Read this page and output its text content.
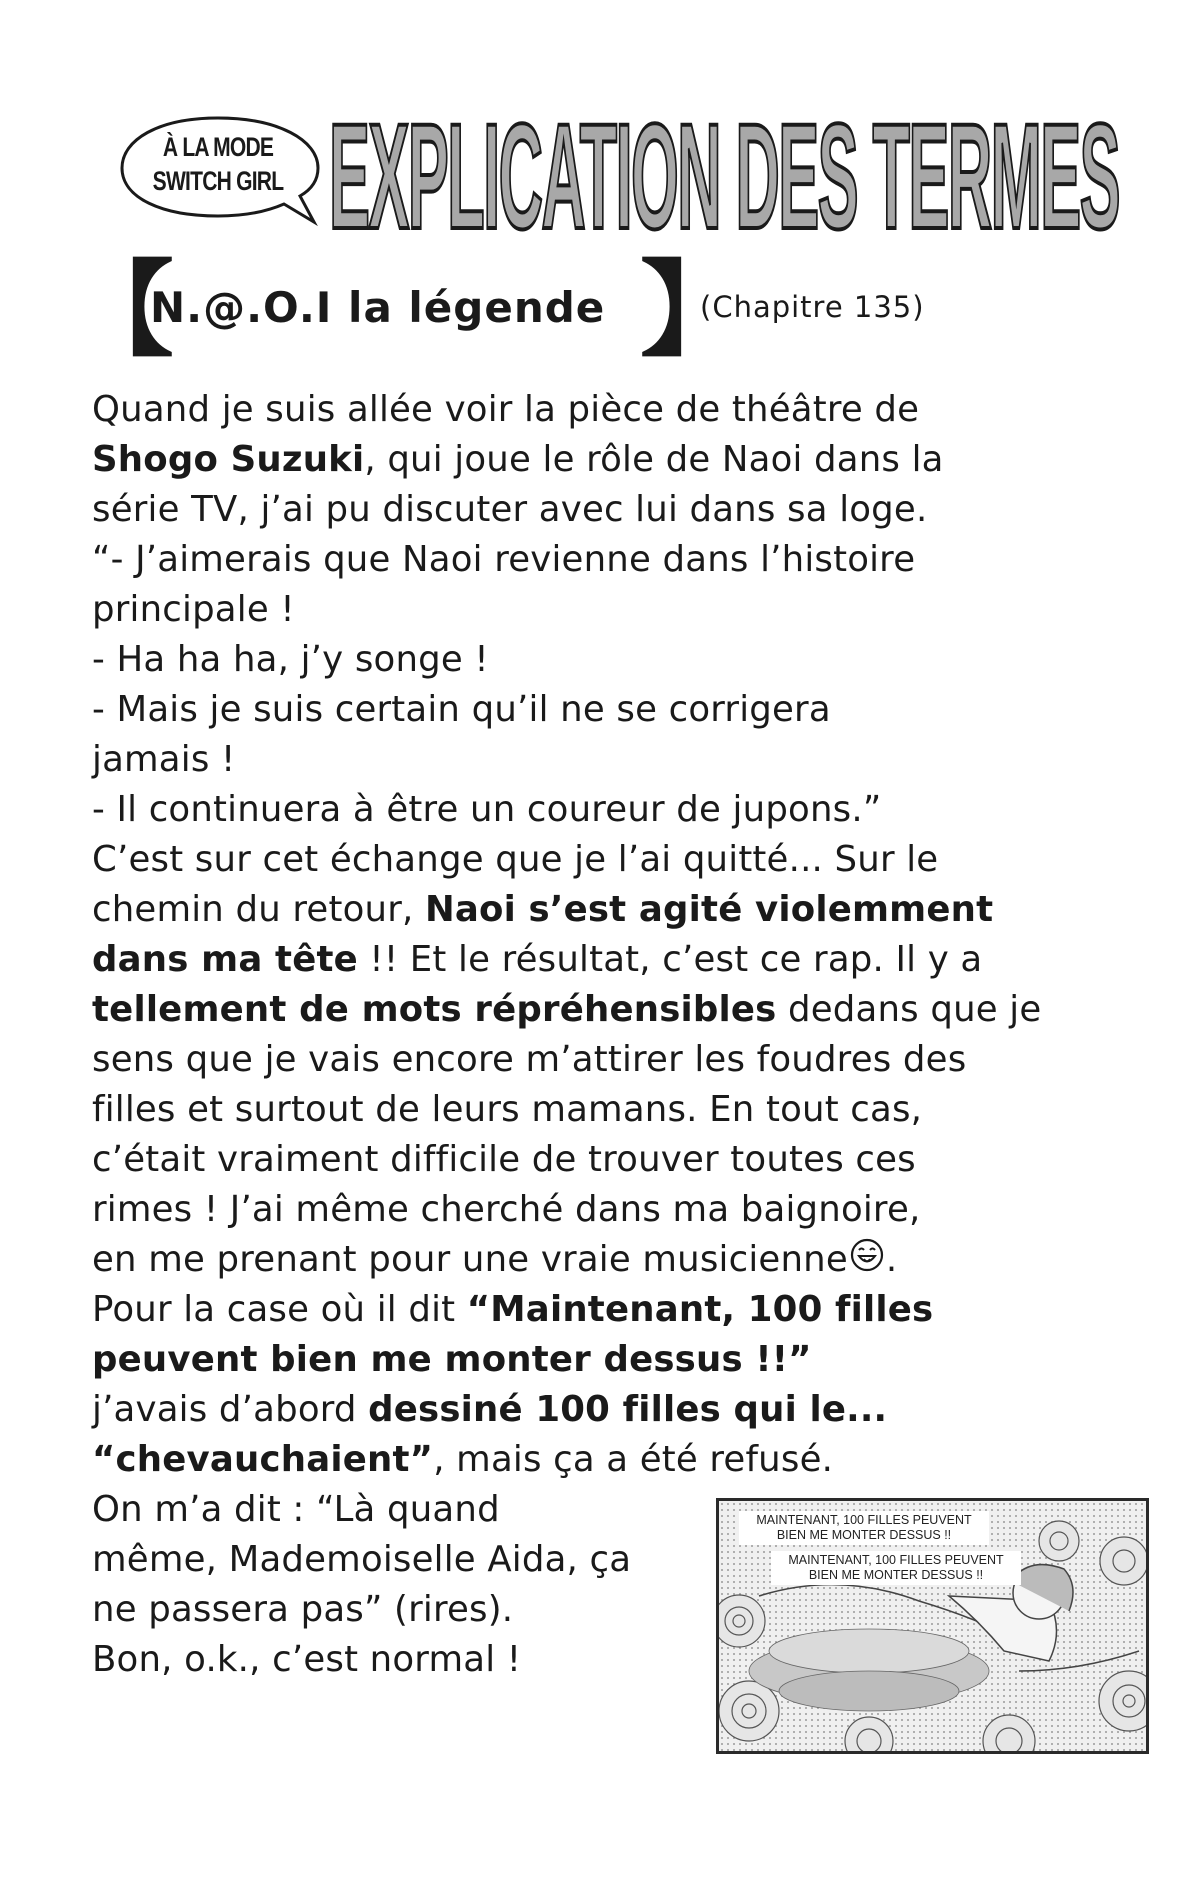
À LA MODE
SWITCH GIRL EXPLICATION DES TERMES
【
N.@.O.I la légende 】
(Chapitre 135)
Quand je suis allée voir la pièce de théâtre de
Shogo Suzuki, qui joue le rôle de Naoi dans la
série TV, j’ai pu discuter avec lui dans sa loge.
“- J’aimerais que Naoi revienne dans l’histoire
principale !
- Ha ha ha, j’y songe !
- Mais je suis certain qu’il ne se corrigera
jamais !
- Il continuera à être un coureur de jupons.”
C’est sur cet échange que je l’ai quitté... Sur le
chemin du retour, Naoi s’est agité violemment
dans ma tête !! Et le résultat, c’est ce rap. Il y a
tellement de mots répréhensibles dedans que je
sens que je vais encore m’attirer les foudres des
filles et surtout de leurs mamans. En tout cas,
c’était vraiment difficile de trouver toutes ces
rimes ! J’ai même cherché dans ma baignoire,
en me prenant pour une vraie musicienne .
Pour la case où il dit “Maintenant, 100 filles
peuvent bien me monter dessus !!”
j’avais d’abord dessiné 100 filles qui le...
“chevauchaient”, mais ça a été refusé.
On m’a dit : “Là quand
même, Mademoiselle Aida, ça
ne passera pas” (rires).
Bon, o.k., c’est normal !
MAINTENANT, 100 FILLES PEUVENT
BIEN ME MONTER DESSUS !!
MAINTENANT, 100 FILLES PEUVENT
BIEN ME MONTER DESSUS !!
